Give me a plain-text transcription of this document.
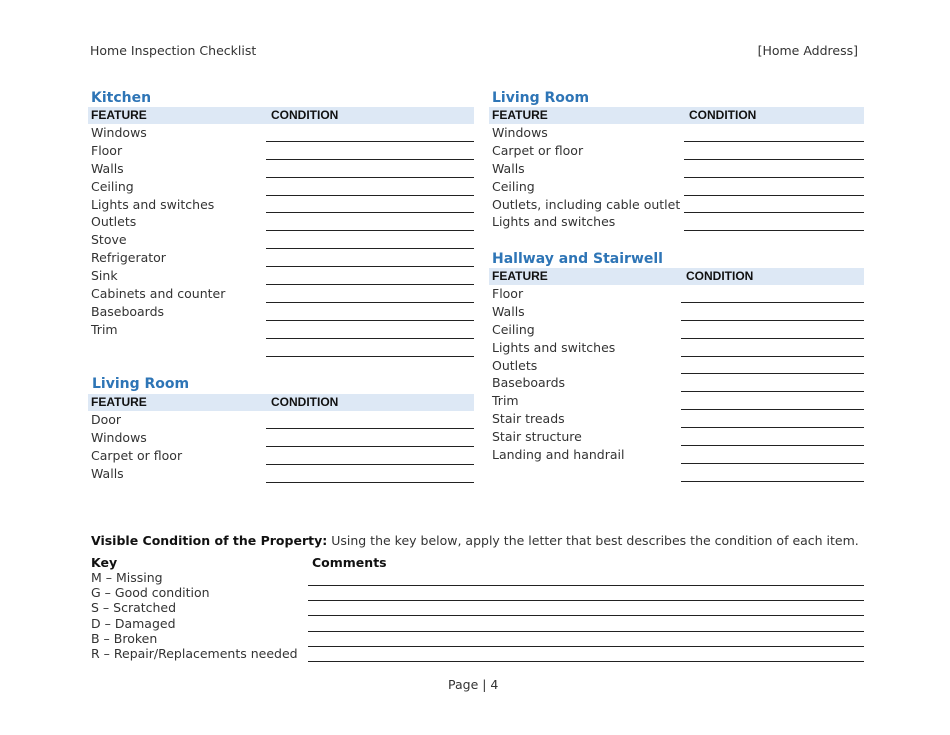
Home Inspection Checklist	[Home Address]
Kitchen
FEATURE	CONDITION
Windows
Floor
Walls
Ceiling
Lights and switches
Outlets
Stove
Refrigerator
Sink
Cabinets and counter
Baseboards
Trim
Living Room
FEATURE	CONDITION
Windows
Carpet or floor
Walls
Ceiling
Outlets, including cable outlet
Lights and switches
Hallway and Stairwell
FEATURE	CONDITION
Floor
Walls
Ceiling
Lights and switches
Outlets
Baseboards
Trim
Stair treads
Stair structure
Landing and handrail
Living Room
FEATURE	CONDITION
Door
Windows
Carpet or floor
Walls
Visible Condition of the Property: Using the key below, apply the letter that best describes the condition of each item.
Key	Comments
M – Missing
G – Good condition
S – Scratched
D – Damaged
B – Broken
R – Repair/Replacements needed
Page | 4
